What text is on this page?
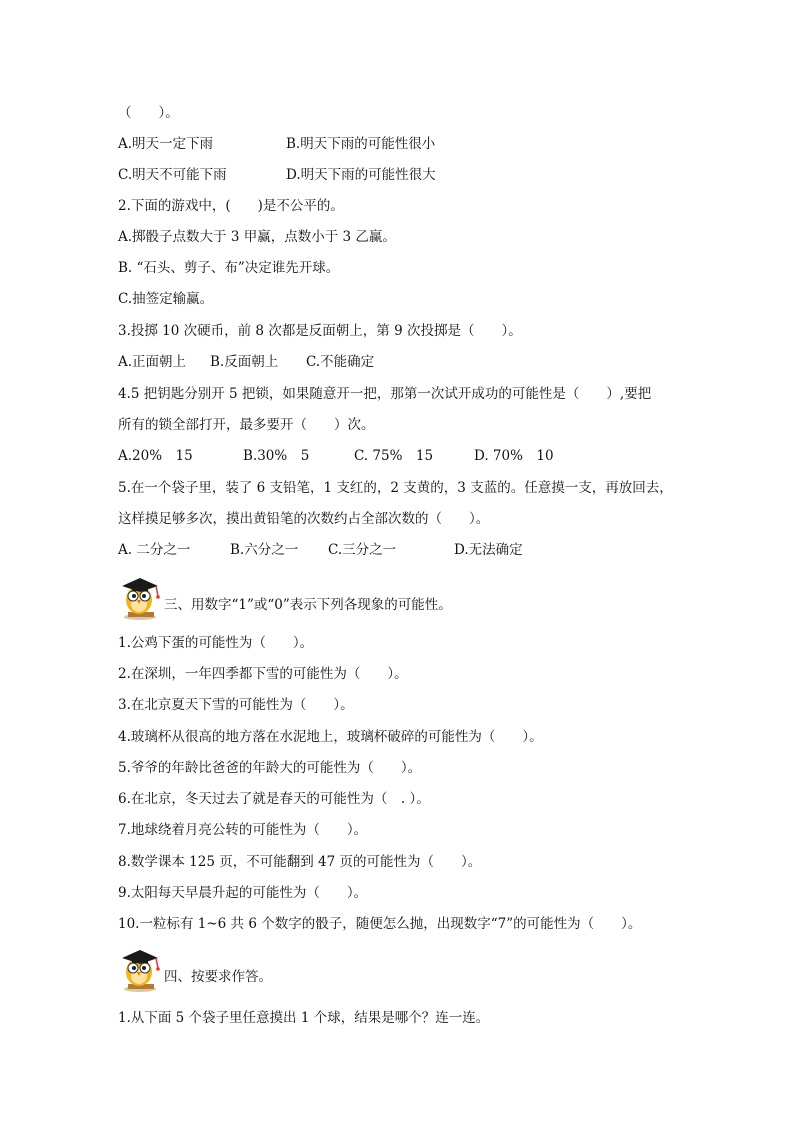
（　　）。
A.明天一定下雨	B.明天下雨的可能性很小
C.明天不可能下雨	D.明天下雨的可能性很大
2.下面的游戏中，(　　)是不公平的。
A.掷骰子点数大于 3 甲赢，点数小于 3 乙赢。
B. “石头、剪子、布”决定谁先开球。
C.抽签定输赢。
3.投掷 10 次硬币，前 8 次都是反面朝上，第 9 次投掷是（　　）。
A.正面朝上 B.反面朝上 C.不能确定
4.5 把钥匙分别开 5 把锁，如果随意开一把，那第一次试开成功的可能性是（　　）,要把
所有的锁全部打开，最多要开（　　）次。
A.20%　15	B.30%　5	C. 75%　15	D. 70%　10
5.在一个袋子里，装了 6 支铅笔，1 支红的，2 支黄的，3 支蓝的。任意摸一支，再放回去，
这样摸足够多次，摸出黄铅笔的次数约占全部次数的（　　）。
A. 二分之一	B.六分之一 C.三分之一	D.无法确定
三、用数字“1”或“0”表示下列各现象的可能性。
1.公鸡下蛋的可能性为（　　）。
2.在深圳，一年四季都下雪的可能性为（　　）。
3.在北京夏天下雪的可能性为（　　）。
4.玻璃杯从很高的地方落在水泥地上，玻璃杯破碎的可能性为（　　）。
5.爷爷的年龄比爸爸的年龄大的可能性为（　　）。
6.在北京，冬天过去了就是春天的可能性为（　. ）。
7.地球绕着月亮公转的可能性为（　　）。
8.数学课本 125 页，不可能翻到 47 页的可能性为（　　）。
9.太阳每天早晨升起的可能性为（　　）。
10.一粒标有 1~6 共 6 个数字的骰子，随便怎么抛，出现数字“7”的可能性为（　　）。
四、按要求作答。
1.从下面 5 个袋子里任意摸出 1 个球，结果是哪个？连一连。
